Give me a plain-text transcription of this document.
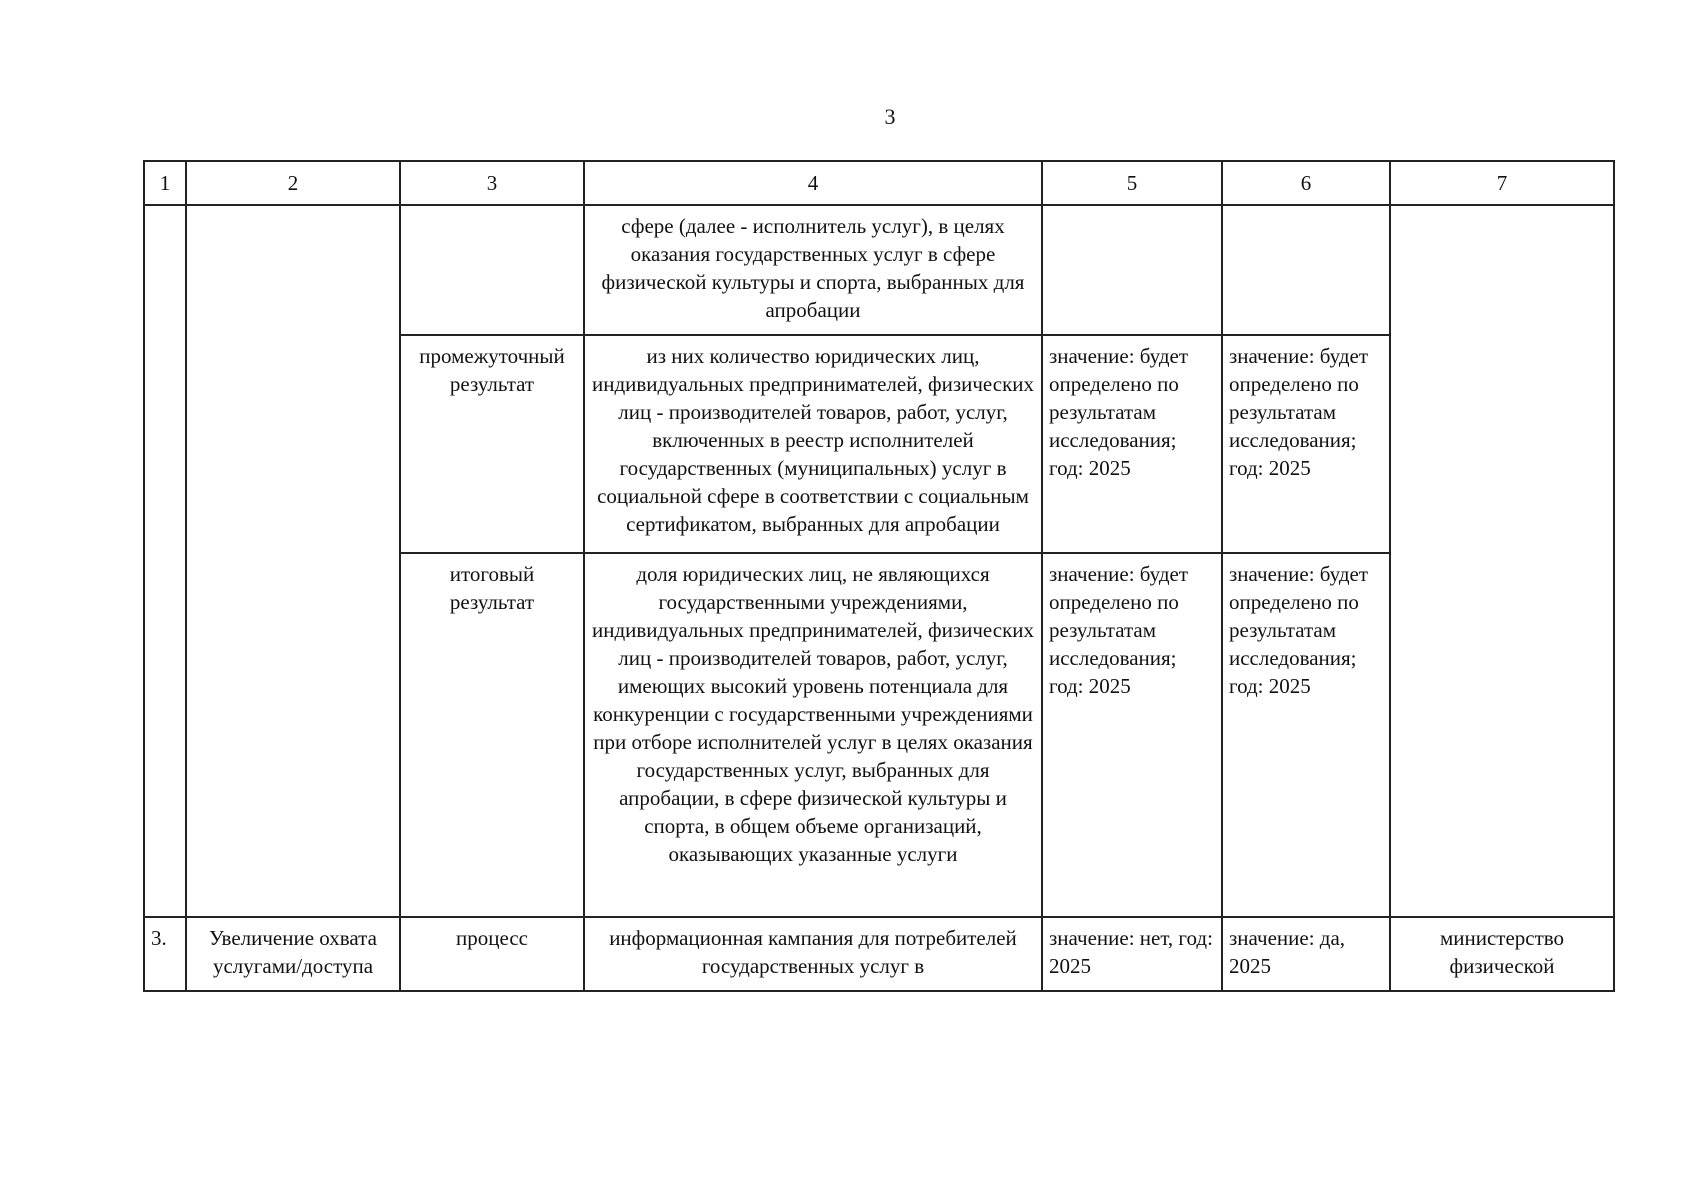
3
1	2	3	4	5	6	7
			сфере (далее - исполнитель услуг), в целях оказания государственных услуг в сфере физической культуры и спорта, выбранных для апробации			
		промежуточный результат	из них количество юридических лиц, индивидуальных предпринимателей, физических лиц - производителей товаров, работ, услуг, включенных в реестр исполнителей государственных (муниципальных) услуг в социальной сфере в соответствии с социальным сертификатом, выбранных для апробации	значение: будет определено по результатам исследования; год: 2025	значение: будет определено по результатам исследования; год: 2025	
		итоговый результат	доля юридических лиц, не являющихся государственными учреждениями, индивидуальных предпринимателей, физических лиц - производителей товаров, работ, услуг, имеющих высокий уровень потенциала для конкуренции с государственными учреждениями при отборе исполнителей услуг в целях оказания государственных услуг, выбранных для апробации, в сфере физической культуры и спорта, в общем объеме организаций, оказывающих указанные услуги	значение: будет определено по результатам исследования; год: 2025	значение: будет определено по результатам исследования; год: 2025	
3.	Увеличение охвата услугами/доступа	процесс	информационная кампания для потребителей государственных услуг в	значение: нет, год: 2025	значение: да, 2025	министерство физической
